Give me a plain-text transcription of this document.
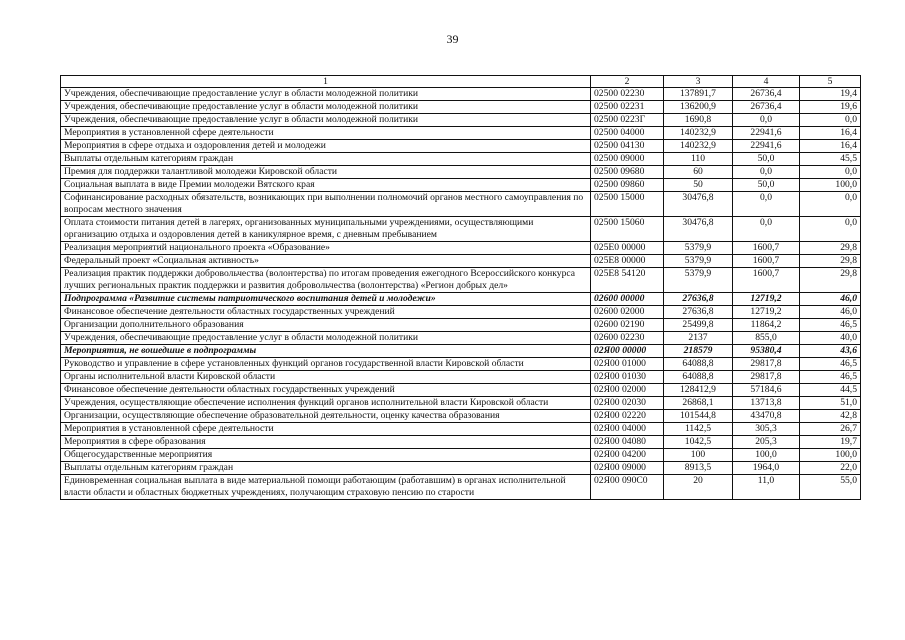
39
1	2	3	4	5
Учреждения, обеспечивающие предоставление услуг в области молодежной политики	02500 02230	137891,7	26736,4	19,4
Учреждения, обеспечивающие предоставление услуг в области молодежной политики	02500 02231	136200,9	26736,4	19,6
Учреждения, обеспечивающие предоставление услуг в области молодежной политики	02500 0223Г	1690,8	0,0	0,0
Мероприятия в установленной сфере деятельности	02500 04000	140232,9	22941,6	16,4
Мероприятия в сфере отдыха и оздоровления детей и молодежи	02500 04130	140232,9	22941,6	16,4
Выплаты отдельным категориям граждан	02500 09000	110	50,0	45,5
Премия для поддержки талантливой молодежи Кировской области	02500 09680	60	0,0	0,0
Социальная выплата в виде Премии молодежи Вятского края	02500 09860	50	50,0	100,0
Софинансирование расходных обязательств, возникающих при выполнении полномочий органов местного самоуправления по вопросам местного значения	02500 15000	30476,8	0,0	0,0
Оплата стоимости питания детей в лагерях, организованных муниципальными учреждениями, осуществляющими организацию отдыха и оздоровления детей в каникулярное время, с дневным пребыванием	02500 15060	30476,8	0,0	0,0
Реализация мероприятий национального проекта «Образование»	025Е0 00000	5379,9	1600,7	29,8
Федеральный проект «Социальная активность»	025Е8 00000	5379,9	1600,7	29,8
Реализация практик поддержки добровольчества (волонтерства) по итогам проведения ежегодного Всероссийского конкурса лучших региональных практик поддержки и развития добровольчества (волонтерства) «Регион добрых дел»	025Е8 54120	5379,9	1600,7	29,8
Подпрограмма «Развитие системы патриотического воспитания детей и молодежи»	02600 00000	27636,8	12719,2	46,0
Финансовое обеспечение деятельности областных государственных учреждений	02600 02000	27636,8	12719,2	46,0
Организации дополнительного образования	02600 02190	25499,8	11864,2	46,5
Учреждения, обеспечивающие предоставление услуг в области молодежной политики	02600 02230	2137	855,0	40,0
Мероприятия, не вошедшие в подпрограммы	02Я00 00000	218579	95380,4	43,6
Руководство и управление в сфере установленных функций органов государственной власти Кировской области	02Я00 01000	64088,8	29817,8	46,5
Органы исполнительной власти Кировской области	02Я00 01030	64088,8	29817,8	46,5
Финансовое обеспечение деятельности областных государственных учреждений	02Я00 02000	128412,9	57184,6	44,5
Учреждения, осуществляющие обеспечение исполнения функций органов исполнительной власти Кировской области	02Я00 02030	26868,1	13713,8	51,0
Организации, осуществляющие обеспечение образовательной деятельности, оценку качества образования	02Я00 02220	101544,8	43470,8	42,8
Мероприятия в установленной сфере деятельности	02Я00 04000	1142,5	305,3	26,7
Мероприятия в сфере образования	02Я00 04080	1042,5	205,3	19,7
Общегосударственные мероприятия	02Я00 04200	100	100,0	100,0
Выплаты отдельным категориям граждан	02Я00 09000	8913,5	1964,0	22,0
Единовременная социальная выплата в виде материальной помощи работающим (работавшим) в органах исполнительной власти области и областных бюджетных учреждениях, получающим страховую пенсию по старости	02Я00 090С0	20	11,0	55,0
